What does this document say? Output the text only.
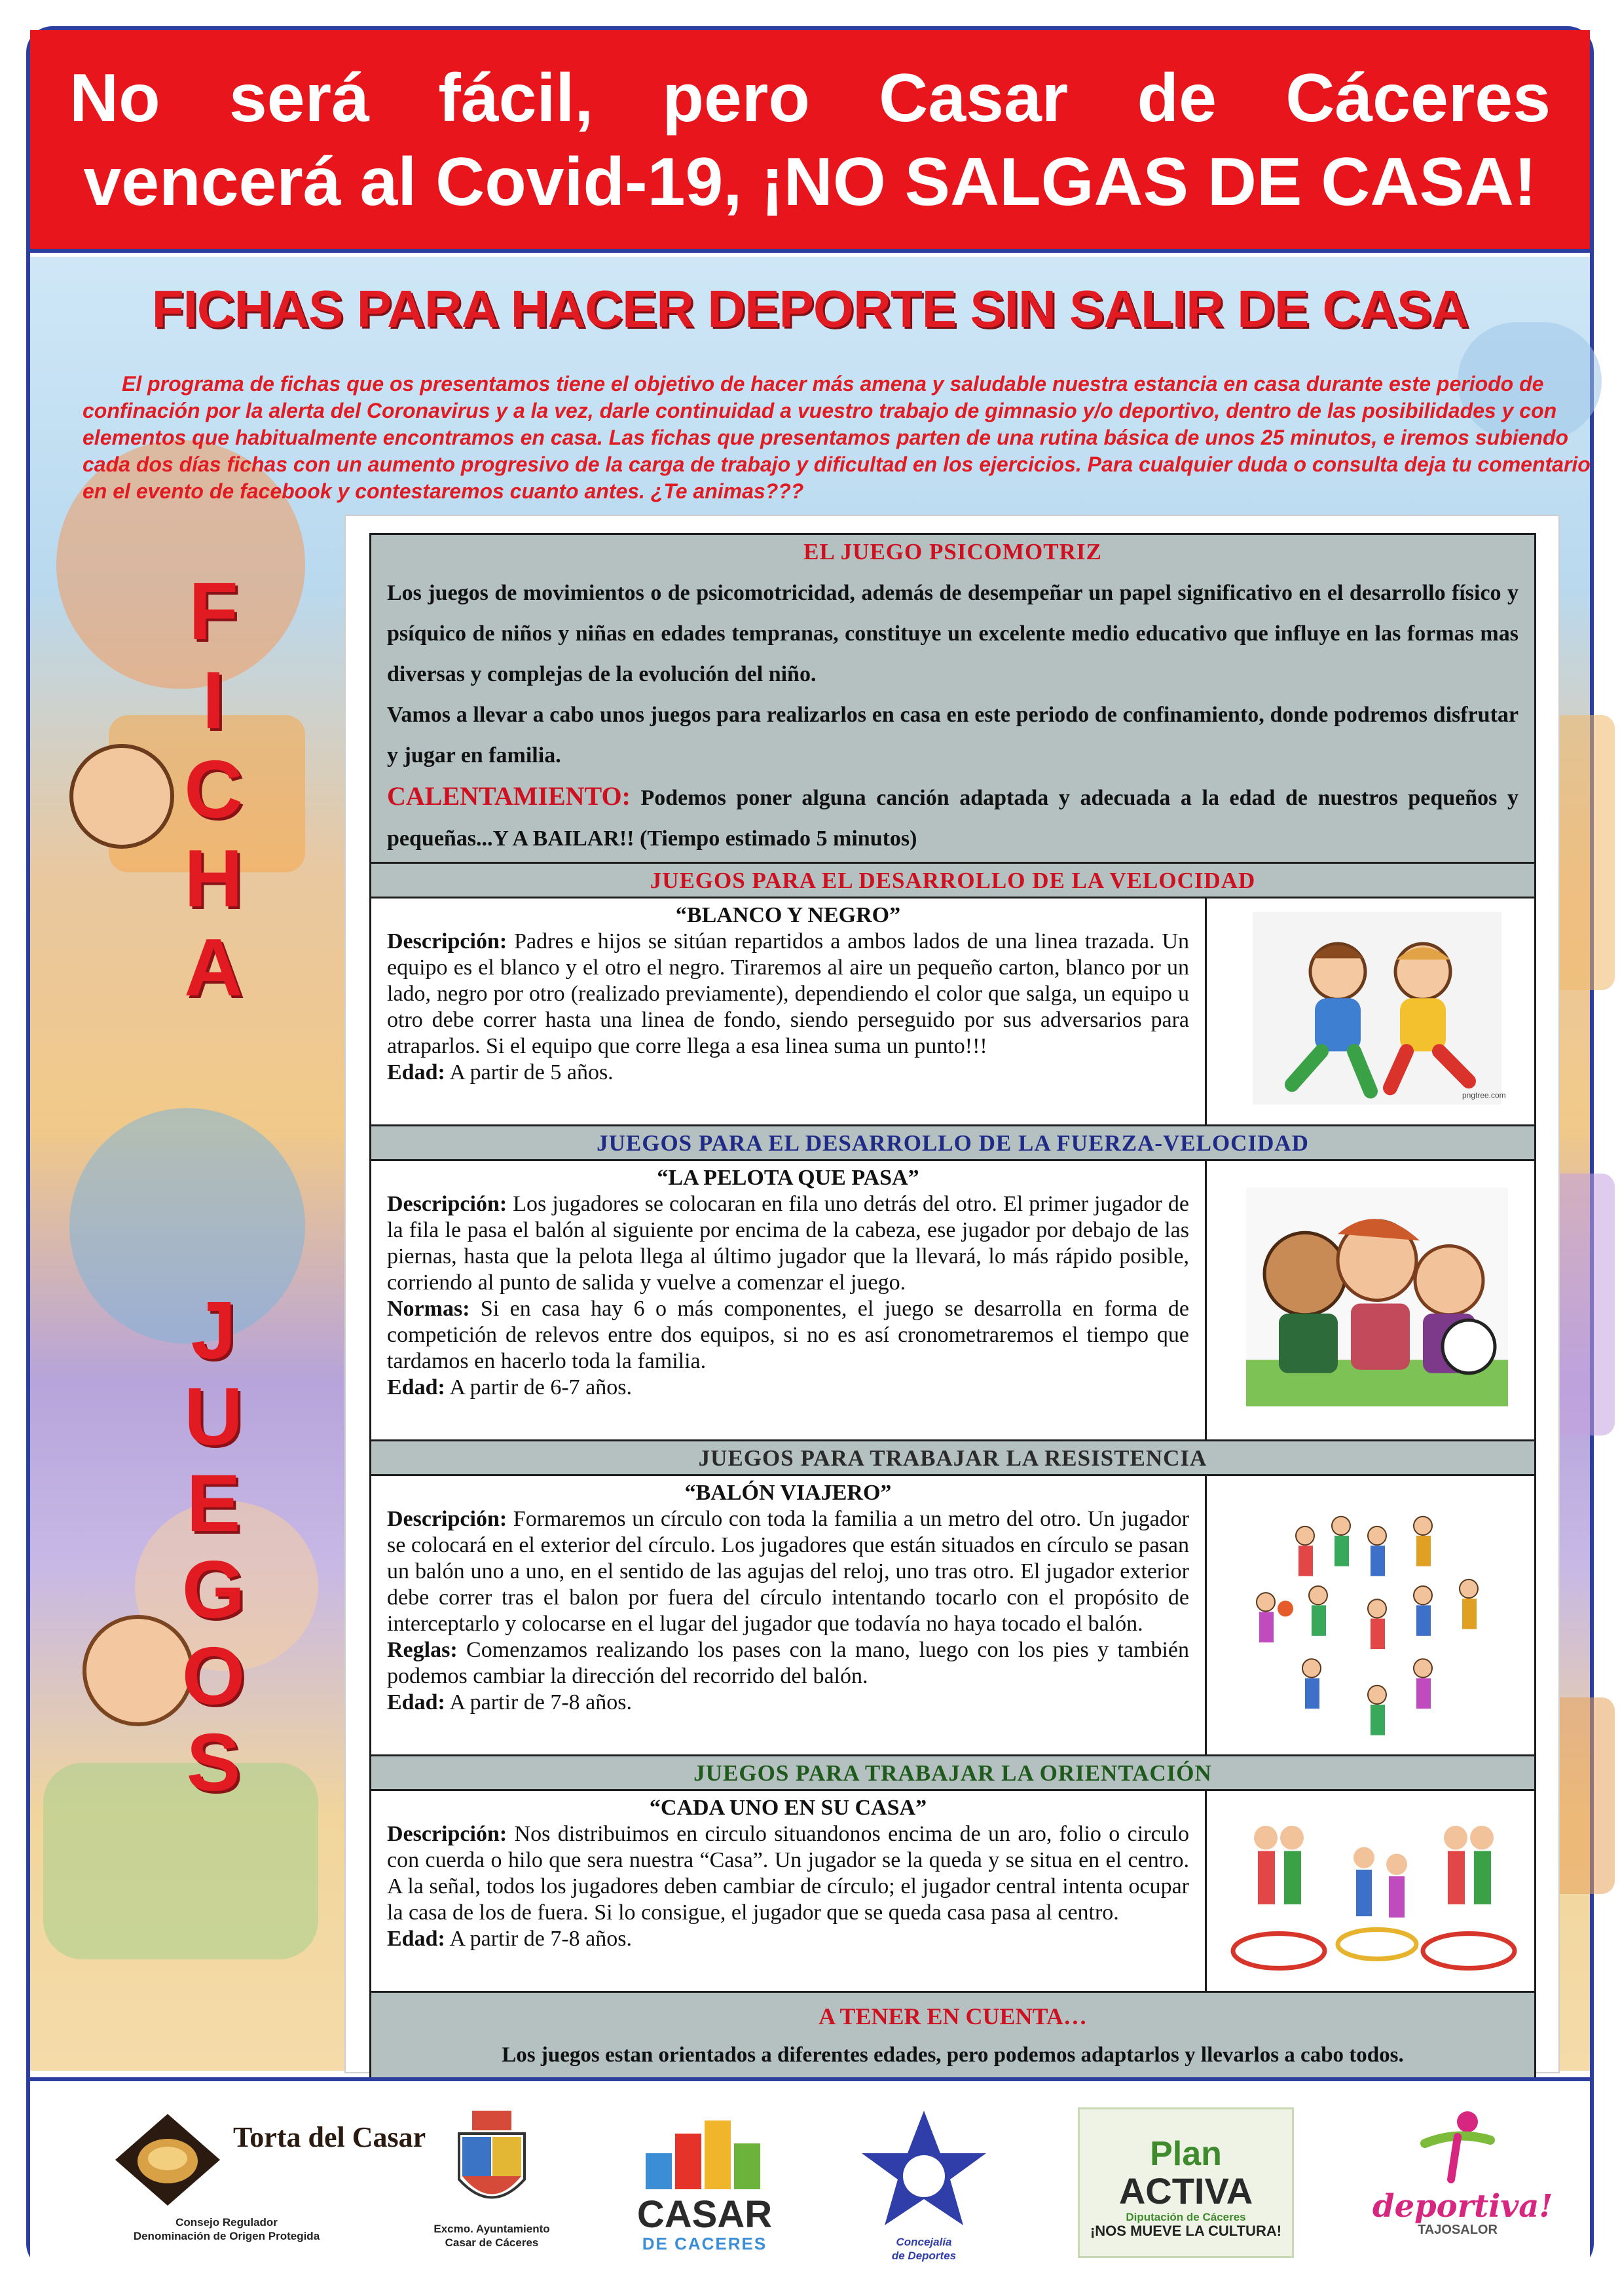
No será fácil, pero Casar de Cáceres
vencerá al Covid-19, ¡NO SALGAS DE CASA!
FICHAS PARA HACER DEPORTE SIN SALIR DE CASA
El programa de fichas que os presentamos tiene el objetivo de hacer más amena y saludable nuestra estancia en casa durante este periodo de confinación por la alerta del Coronavirus y a la vez, darle continuidad a vuestro trabajo de gimnasio y/o deportivo, dentro de las posibilidades y con elementos que habitualmente encontramos en casa. Las fichas que presentamos parten de una rutina básica de unos 25 minutos, e iremos subiendo cada dos días fichas con un aumento progresivo de la carga de trabajo y dificultad en los ejercicios. Para cualquier duda o consulta deja tu comentario en el evento de facebook y contestaremos cuanto antes. ¿Te animas???
F
I
C
H
A
J
U
E
G
O
S
EL JUEGO PSICOMOTRIZ

Los juegos de movimientos o de psicomotricidad, además de desempeñar un papel significativo en el desarrollo físico y psíquico de niños y niñas en edades tempranas, constituye un excelente medio educativo que influye en las formas mas diversas y complejas de la evolución del niño.

Vamos a llevar a cabo unos juegos para realizarlos en casa en este periodo de confinamiento, donde podremos disfrutar y jugar en familia.

CALENTAMIENTO: Podemos poner alguna canción adaptada y adecuada a la edad de nuestros pequeños y pequeñas...Y A BAILAR!! (Tiempo estimado 5 minutos)

JUEGOS PARA EL DESARROLLO DE LA VELOCIDAD
“BLANCO Y NEGRO”

Descripción: Padres e hijos se sitúan repartidos a ambos lados de una linea trazada. Un equipo es el blanco y el otro el negro. Tiraremos al aire un pequeño carton, blanco por un lado, negro por otro (realizado previamente), dependiendo el color que salga, un equipo u otro debe correr hasta una linea de fondo, siendo perseguido por sus adversarios para atraparlos. Si el equipo que corre llega a esa linea suma un punto!!!

Edad: A partir de 5 años.

pngtree.com
JUEGOS PARA EL DESARROLLO DE LA FUERZA-VELOCIDAD
“LA PELOTA QUE PASA”

Descripción: Los jugadores se colocaran en fila uno detrás del otro. El primer jugador de la fila le pasa el balón al siguiente por encima de la cabeza, ese jugador por debajo de las piernas, hasta que la pelota llega al último jugador que la llevará, lo más rápido posible, corriendo al punto de salida y vuelve a comenzar el juego.

Normas: Si en casa hay 6 o más componentes, el juego se desarrolla en forma de competición de relevos entre dos equipos, si no es así cronometraremos el tiempo que tardamos en hacerlo toda la familia.

Edad: A partir de 6-7 años.

JUEGOS PARA TRABAJAR LA RESISTENCIA
“BALÓN VIAJERO”

Descripción: Formaremos un círculo con toda la familia a un metro del otro. Un jugador se colocará en el exterior del círculo. Los jugadores que están situados en círculo se pasan un balón uno a uno, en el sentido de las agujas del reloj, uno tras otro. El jugador exterior debe correr tras el balon por fuera del círculo intentando tocarlo con el propósito de interceptarlo y colocarse en el lugar del jugador que todavía no haya tocado el balón.

Reglas: Comenzamos realizando los pases con la mano, luego con los pies y también podemos cambiar la dirección del recorrido del balón.

Edad: A partir de 7-8 años.

JUEGOS PARA TRABAJAR LA ORIENTACIÓN
“CADA UNO EN SU CASA”

Descripción: Nos distribuimos en circulo situandonos encima de un aro, folio o circulo con cuerda o hilo que sera nuestra “Casa”. Un jugador se la queda y se situa en el centro. A la señal, todos los jugadores deben cambiar de círculo; el jugador central intenta ocupar la casa de los de fuera. Si lo consigue, el jugador que se queda casa pasa al centro.

Edad: A partir de 7-8 años.

A TENER EN CUENTA…

Los juegos estan orientados a diferentes edades, pero podemos adaptarlos y llevarlos a cabo todos.

Torta del Casar
Consejo Regulador
Denominación de Origen Protegida
Excmo. Ayuntamiento
Casar de Cáceres
CASAR
DE CACERES	Concejalía
de Deportes
Plan
ACTIVA
Diputación de Cáceres
¡NOS MUEVE LA CULTURA!
deportiva!
TAJOSALOR
